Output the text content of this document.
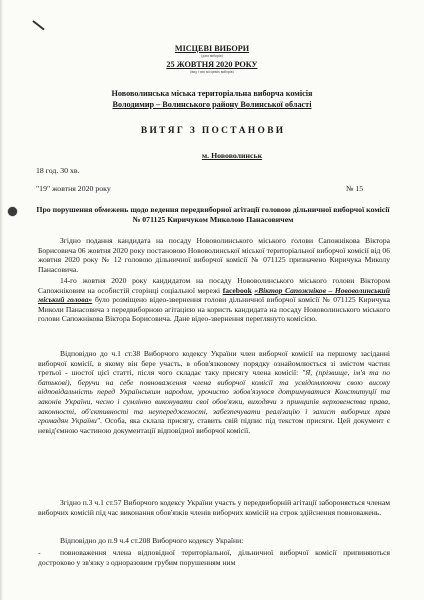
МІСЦЕВІ ВИБОРИ
(дата виборів)
25 ЖОВТНЯ 2020 РОКУ
(вид і тип місцевих виборів)
Нововолинська міська територіальна виборча комісія
Володимир – Волинського району Волинської області
В И Т Я Г   З   П О С Т А Н О В И
м. Нововолинськ
18 год. 30 хв.
"19" жовтня 2020 року	№ 15
Про порушення обмежень щодо ведення передвиборної агітації головою дільничної виборчої комісії № 071125 Киричуком Миколою Панасовичем
Згідно подання кандидата на посаду Нововолинського міського голови Сапожнікова Віктора Борисовича 06 жовтня 2020 року постановою Нововолинської міської територіальної виборчої комісії від 06 жовтня 2020 року № 12 головою дільничної виборчої комісії № 071125 призначено Киричука Миколу Панасовича.
14-го жовтня 2020 року кандидатом на посаду Нововолинського міського голови Віктором Сапожніковим на особистій сторінці соціальної мережі facebook «Віктор Сапожніков – Нововолинський міський голова» було розміщено відео-звернення голови дільничної виборчої комісії № 071125 Киричука Миколи Панасовича з передвиборною агітацією на користь кандидата на посаду Нововолинського міського голови Сапожнікова Віктора Борисовича. Дане відео-звернення переглянуто комісією.
Відповідно до ч.1 ст.38 Виборчого кодексу України член виборчої комісії на першому засіданні виборчої комісії, в якому він бере участь, в обов'язковому порядку ознайомлюється зі змістом частин третьої - шостої цієї статті, після чого складає таку присягу члена комісії: "Я, (прізвище, ім'я та по батькові), беручи на себе повноваження члена виборчої комісії та усвідомлюючи свою високу відповідальність перед Українським народом, урочисто зобов'язуюся дотримуватися Конституції та законів України, чесно і сумлінно виконувати свої обов'язки, виходячи з принципів верховенства права, законності, об'єктивності та неупередженості, забезпечувати реалізацію і захист виборчих прав громадян України". Особа, яка склала присягу, ставить свій підпис під текстом присяги. Цей документ є невід'ємною частиною документації відповідної виборчої комісії.
Згідно п.3 ч.1 ст.57 Виборчого кодексу України участь у передвиборній агітації забороняється членам виборчих комісій під час виконання обов'язків членів виборчих комісій на строк здійснення повноважень.
Відповідно до п.9 ч.4 ст.208 Виборчого кодексу України:
-	повноваження члена відповідної територіальної, дільничної виборчої комісії припиняються достроково у зв'язку з одноразовим грубим порушенням ним
